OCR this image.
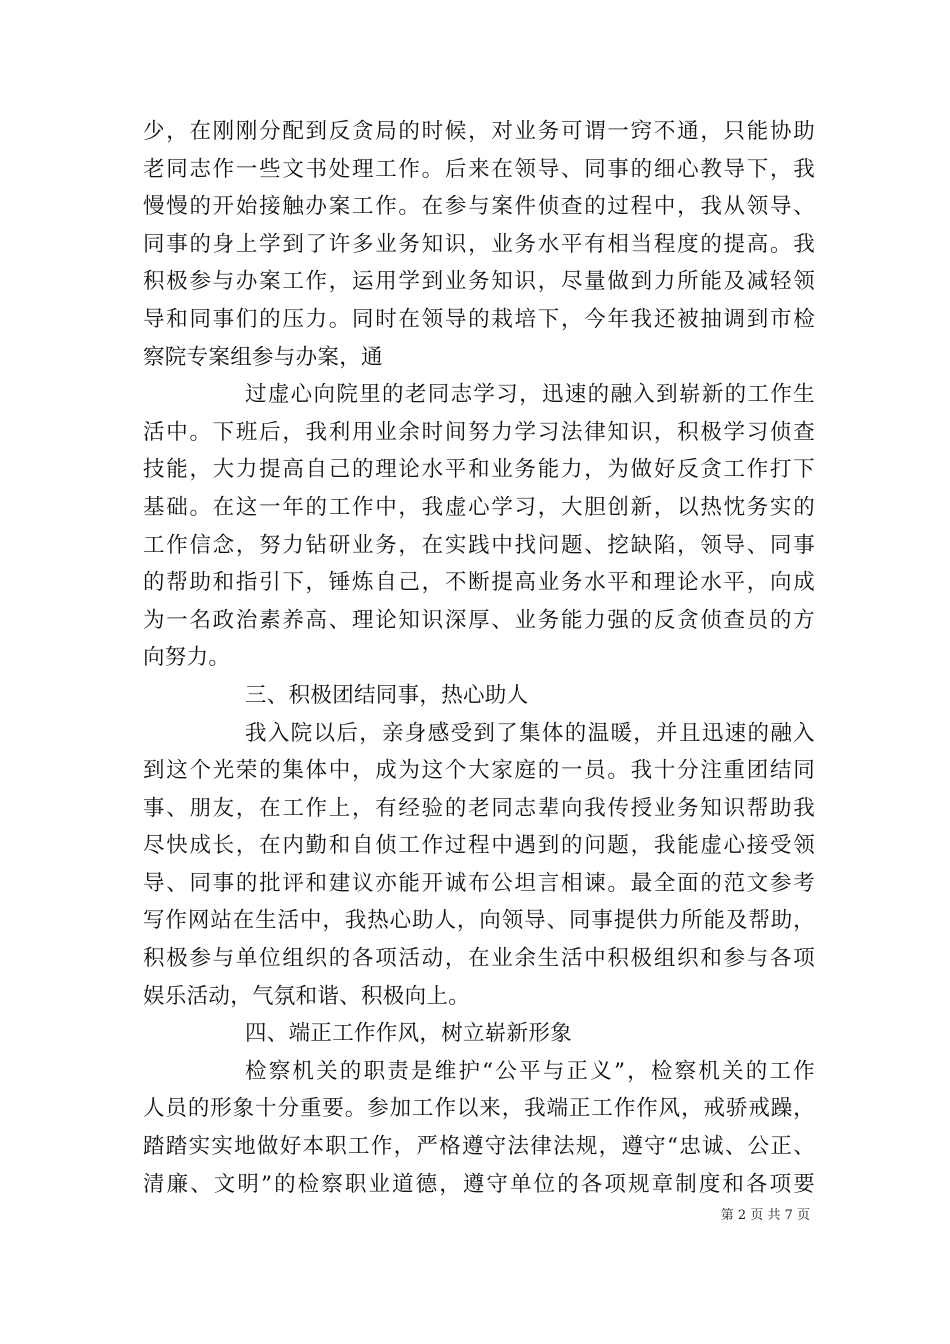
少，在刚刚分配到反贪局的时候，对业务可谓一窍不通，只能协助
老同志作一些文书处理工作。后来在领导、同事的细心教导下，我
慢慢的开始接触办案工作。在参与案件侦查的过程中，我从领导、
同事的身上学到了许多业务知识，业务水平有相当程度的提高。我
积极参与办案工作，运用学到业务知识，尽量做到力所能及减轻领
导和同事们的压力。同时在领导的栽培下，今年我还被抽调到市检
察院专案组参与办案，通
过虚心向院里的老同志学习，迅速的融入到崭新的工作生
活中。下班后，我利用业余时间努力学习法律知识，积极学习侦查
技能，大力提高自己的理论水平和业务能力，为做好反贪工作打下
基础。在这一年的工作中，我虚心学习，大胆创新，以热忱务实的
工作信念，努力钻研业务，在实践中找问题、挖缺陷，领导、同事
的帮助和指引下，锤炼自己，不断提高业务水平和理论水平，向成
为一名政治素养高、理论知识深厚、业务能力强的反贪侦查员的方
向努力。
三、积极团结同事，热心助人
我入院以后，亲身感受到了集体的温暖，并且迅速的融入
到这个光荣的集体中，成为这个大家庭的一员。我十分注重团结同
事、朋友，在工作上，有经验的老同志辈向我传授业务知识帮助我
尽快成长，在内勤和自侦工作过程中遇到的问题，我能虚心接受领
导、同事的批评和建议亦能开诚布公坦言相谏。最全面的范文参考
写作网站在生活中，我热心助人，向领导、同事提供力所能及帮助，
积极参与单位组织的各项活动，在业余生活中积极组织和参与各项
娱乐活动，气氛和谐、积极向上。
四、端正工作作风，树立崭新形象
检察机关的职责是维护“公平与正义”，检察机关的工作
人员的形象十分重要。参加工作以来，我端正工作作风，戒骄戒躁，
踏踏实实地做好本职工作，严格遵守法律法规，遵守“忠诚、公正、
清廉、文明”的检察职业道德，遵守单位的各项规章制度和各项要
第 2 页 共 7 页
